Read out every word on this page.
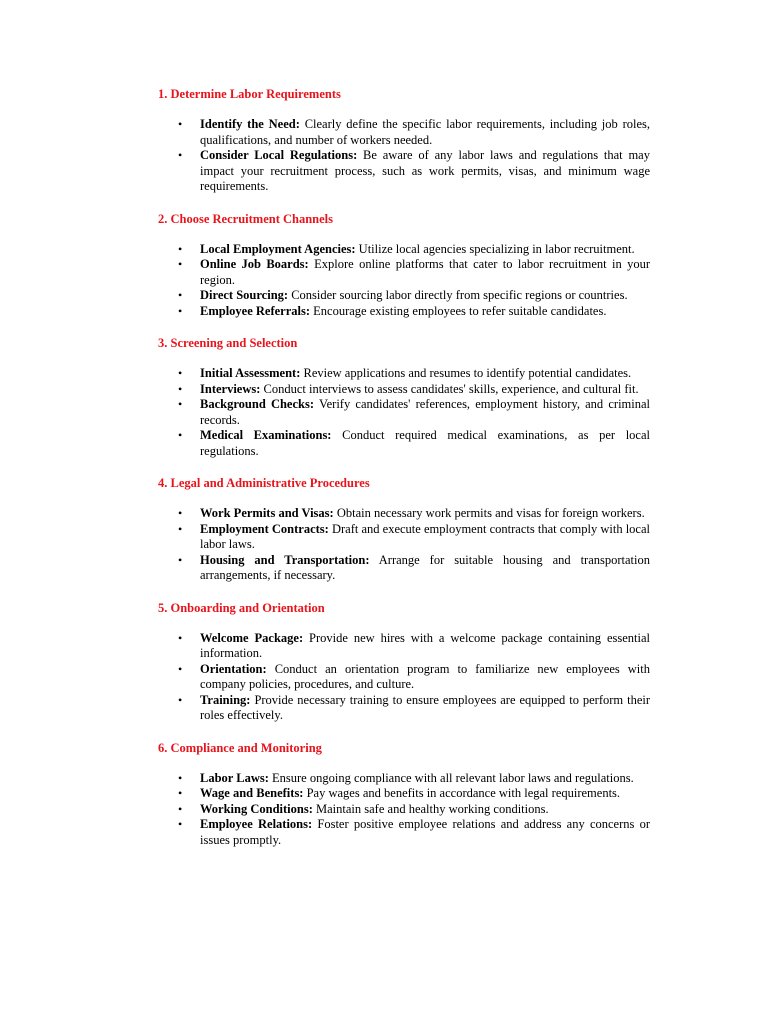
1. Determine Labor Requirements
• Identify the Need: Clearly define the specific labor requirements, including job roles, qualifications, and number of workers needed.
• Consider Local Regulations: Be aware of any labor laws and regulations that may impact your recruitment process, such as work permits, visas, and minimum wage requirements.
2. Choose Recruitment Channels
• Local Employment Agencies: Utilize local agencies specializing in labor recruitment.
• Online Job Boards: Explore online platforms that cater to labor recruitment in your region.
• Direct Sourcing: Consider sourcing labor directly from specific regions or countries.
• Employee Referrals: Encourage existing employees to refer suitable candidates.
3. Screening and Selection
• Initial Assessment: Review applications and resumes to identify potential candidates.
• Interviews: Conduct interviews to assess candidates' skills, experience, and cultural fit.
• Background Checks: Verify candidates' references, employment history, and criminal records.
• Medical Examinations: Conduct required medical examinations, as per local regulations.
4. Legal and Administrative Procedures
• Work Permits and Visas: Obtain necessary work permits and visas for foreign workers.
• Employment Contracts: Draft and execute employment contracts that comply with local labor laws.
• Housing and Transportation: Arrange for suitable housing and transportation arrangements, if necessary.
5. Onboarding and Orientation
• Welcome Package: Provide new hires with a welcome package containing essential information.
• Orientation: Conduct an orientation program to familiarize new employees with company policies, procedures, and culture.
• Training: Provide necessary training to ensure employees are equipped to perform their roles effectively.
6. Compliance and Monitoring
• Labor Laws: Ensure ongoing compliance with all relevant labor laws and regulations.
• Wage and Benefits: Pay wages and benefits in accordance with legal requirements.
• Working Conditions: Maintain safe and healthy working conditions.
• Employee Relations: Foster positive employee relations and address any concerns or issues promptly.
